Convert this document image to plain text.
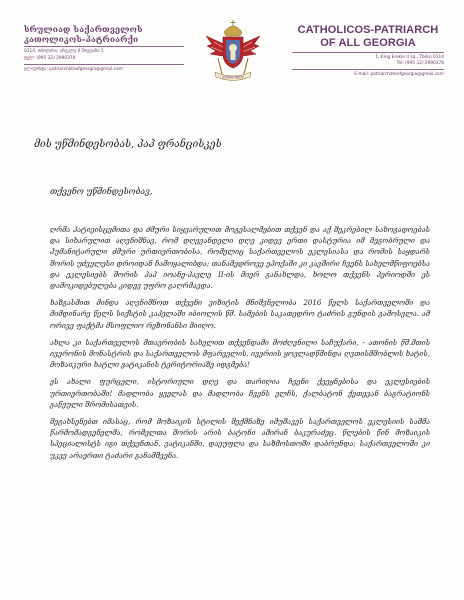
სრულიად საქართველოს
კათოლიკოს-პატრიარქი
0114, თბილისი, ერეკლე II მოედანი 1
ტელ: (995 32) 2990378
ელ-ფოსტა: patriarchateofgeorgia@gmail.com
ΣΟΦΙΑ ΘΕΟΥ
CATHOLICOS-PATRIARCH
OF ALL GEORGIA
1, King Erekle II sq., Tbilisi 0114
Tel: (995 32) 2990378
E-mail: patriarchateofgeorgia@gmail.com
მის უწმინდესობას, პაპ ფრანცისკეს
თქვენო უწმინდესობავ,

ღრმა პატივისცემითა და ძმური სიყვარულით მოგესალმებით თქვენ და აქ შეკრებილ სახოგადოებას და სიხარულით აღვნიშნავ, რომ დღევანდელი დღე კიდევ ერთი დასტურია იმ მეგობრული და ჰუმანიტარული ძმური ურთიერთობისა, რომელიც საქართველოს ეკლესიასა და რომის საყდარს შორის უძველესი დროიდან ჩამოყალიბდა; თანამედროვე ეპოქაში კი კავშირი ჩვენს სახელმწიფოებსა და ეკლესიებს შორის პაპ იოანე-პავლე II-ის მიერ განახლდა, ხოლო თქვენს პერიოდში ეს დამოკიდებულება კიდევ უფრო გაღრმავდა.

ხაზგასმით მინდა აღვნიშნოთ თქვენი ვიზიტის მნიშვნელობა 2016 წელს საქართველოში და მიმდინარე წელს სიქსტის კაპელაში იბიოლის წმ. სამების საკათედრო ტაძრის გუნდის გამოსვლა. ამ ორივე ფაქტმა მსოფლიო რეზონანსი მიიღო.

ახლა კი საქართველოს მთავრობის სახელით თქვენდამი მოძღვნილი საჩუქარი, - ათონის წმ.მთის ივერონის მონასტრის და საქართველოს მფარველის, ივერიის ყოვლადწმინდა ღვთისმშობლის ხატის, მოზაიკური ხატლი ვატიკანის ტერიტორიაზე იდგმება!

ეს ახალი ფურცელი, ისტორიული დღე და თარიღია ჩვენი ქვეყნებისა და ეკლესიების ურთიერთობაში! მადლობა ყველას და მადლობა ჩვენს ელჩს, ქალბატონ ქეთევან ბაგრატიონს გაწეული შრომისათვის.

შეგახსენებთ იმასაც, რომ მოზაიკის სტილის შექმნაზე იმუშავეს საქართველოს ეკლესიის სამმა წარმომადგენელმა, რომელთა შორის არის ბატონი ამირან ბაკურაძეც. წლების წინ მოზაიკის სპეციალისტს იგი თქვენთან, ვატიკანში, დაეუფლა და საზმოსთოში დაბრუნდა; საქართველოში კი უკვე არაერთი ტაძარი განამშვენა.
